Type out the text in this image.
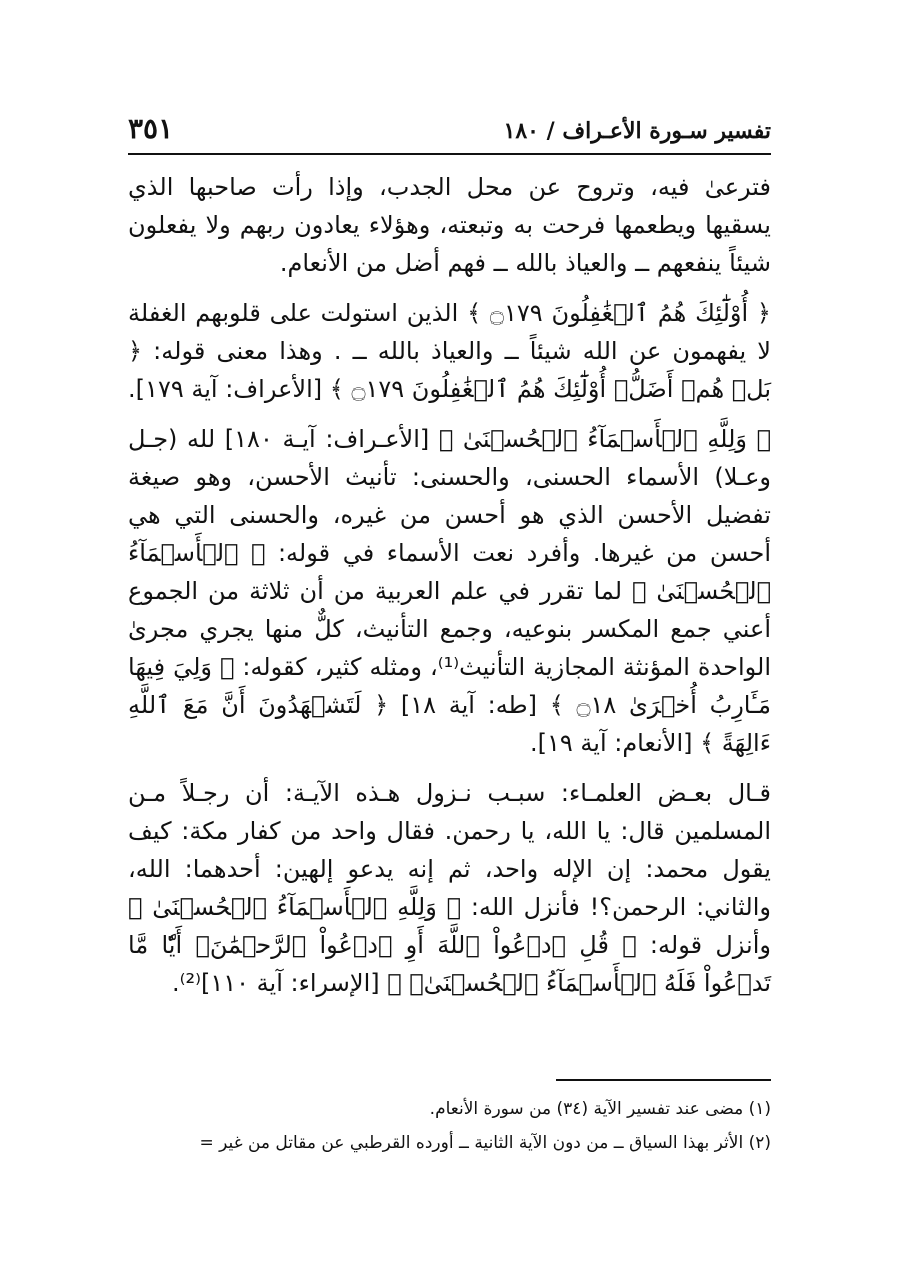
تفسير سـورة الأعـراف / ١٨٠
٣٥١

فترعىٰ فيه، وتروح عن محل الجدب، وإذا رأت صاحبها الذي يسقيها ويطعمها فرحت به وتبعته، وهؤلاء يعادون ربهم ولا يفعلون شيئاً ينفعهم ــ والعياذ بالله ــ فهم أضل من الأنعام.

﴿ أُوْلَٰٓئِكَ هُمُ ٱلۡغَٰفِلُونَ ۝١٧٩ ﴾ الذين استولت على قلوبهم الغفلة لا يفهمون عن الله شيئاً ــ والعياذ بالله ــ . وهذا معنى قوله: ﴿ بَلۡ هُمۡ أَضَلُّۚ أُوْلَٰٓئِكَ هُمُ ٱلۡغَٰفِلُونَ ۝١٧٩ ﴾ [الأعراف: آية ١٧٩].

﴿ وَلِلَّهِ ٱلۡأَسۡمَآءُ ٱلۡحُسۡنَىٰ ﴾ [الأعـراف: آيـة ١٨٠] لله (جـل وعـلا) الأسماء الحسنى، والحسنى: تأنيث الأحسن، وهو صيغة تفضيل الأحسن الذي هو أحسن من غيره، والحسنى التي هي أحسن من غيرها. وأفرد نعت الأسماء في قوله: ﴿ ٱلۡأَسۡمَآءُ ٱلۡحُسۡنَىٰ ﴾ لما تقرر في علم العربية من أن ثلاثة من الجموع أعني جمع المكسر بنوعيه، وجمع التأنيث، كلٌّ منها يجري مجرىٰ الواحدة المؤنثة المجازية التأنيث⁽¹⁾، ومثله كثير، كقوله: ﴿ وَلِيَ فِيهَا مَـَٔارِبُ أُخۡرَىٰ ۝١٨ ﴾ [طه: آية ١٨] ﴿ لَتَشۡهَدُونَ أَنَّ مَعَ ٱللَّهِ ءَالِهَةً ﴾ [الأنعام: آية ١٩].

قـال بعـض العلمـاء: سبـب نـزول هـذه الآيـة: أن رجـلاً مـن المسلمين قال: يا الله، يا رحمن. فقال واحد من كفار مكة: كيف يقول محمد: إن الإله واحد، ثم إنه يدعو إلهين: أحدهما: الله، والثاني: الرحمن؟! فأنزل الله: ﴿ وَلِلَّهِ ٱلۡأَسۡمَآءُ ٱلۡحُسۡنَىٰ ﴾ وأنزل قوله: ﴿ قُلِ ٱدۡعُواْ ٱللَّهَ أَوِ ٱدۡعُواْ ٱلرَّحۡمَٰنَۖ أَيّٗا مَّا تَدۡعُواْ فَلَهُ ٱلۡأَسۡمَآءُ ٱلۡحُسۡنَىٰۚ ﴾ [الإسراء: آية ١١٠]⁽²⁾.

(١) مضى عند تفسير الآية (٣٤) من سورة الأنعام.

(٢) الأثر بهذا السياق ــ من دون الآية الثانية ــ أورده القرطبي عن مقاتل من غير =
